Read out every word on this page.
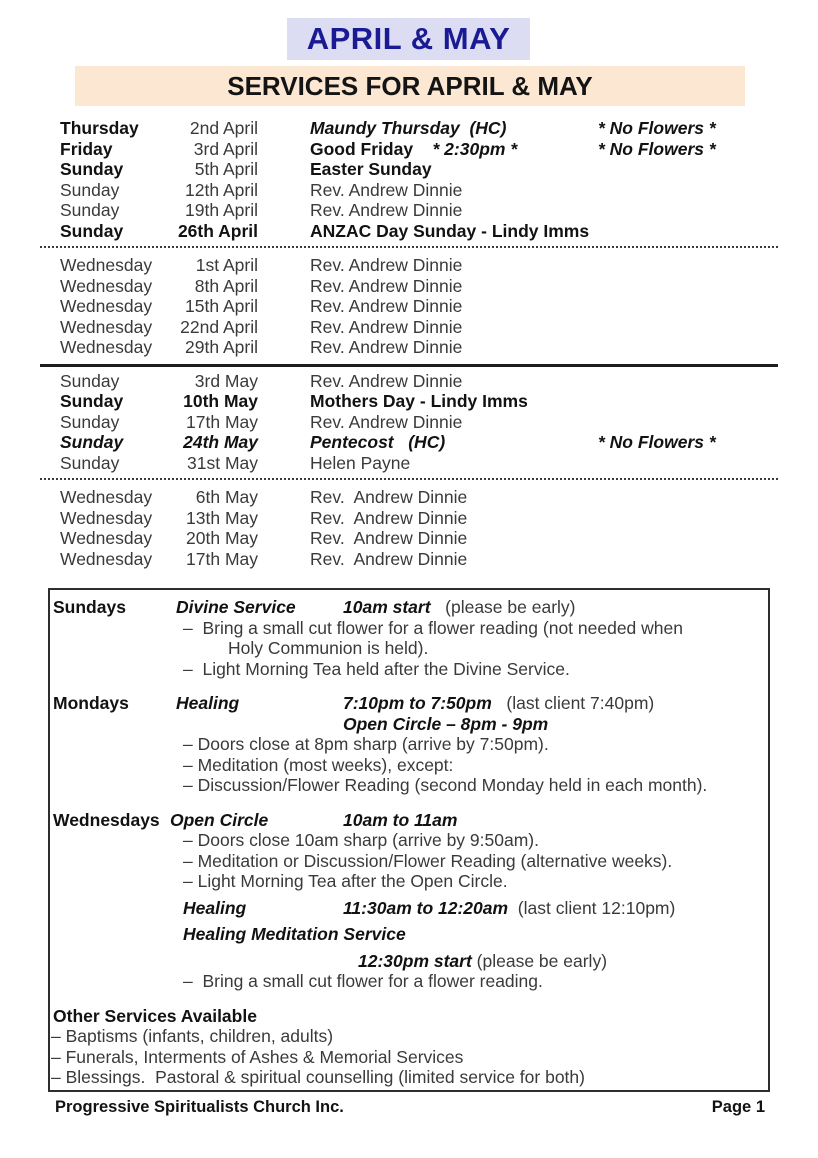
APRIL & MAY
SERVICES FOR APRIL & MAY
Thursday	2nd April	Maundy Thursday  (HC)	* No Flowers *
Friday	3rd April	Good Friday    * 2:30pm *	* No Flowers *
Sunday	5th April	Easter Sunday
Sunday	12th April	Rev. Andrew Dinnie
Sunday	19th April	Rev. Andrew Dinnie
Sunday	26th April	ANZAC Day Sunday - Lindy Imms
Wednesday	1st April	Rev. Andrew Dinnie
Wednesday	8th April	Rev. Andrew Dinnie
Wednesday	15th April	Rev. Andrew Dinnie
Wednesday	22nd April	Rev. Andrew Dinnie
Wednesday	29th April	Rev. Andrew Dinnie
Sunday	3rd May	Rev. Andrew Dinnie
Sunday	10th May	Mothers Day - Lindy Imms
Sunday	17th May	Rev. Andrew Dinnie
Sunday	24th May	Pentecost   (HC)	* No Flowers *
Sunday	31st May	Helen Payne
Wednesday	6th May	Rev.  Andrew Dinnie
Wednesday	13th May	Rev.  Andrew Dinnie
Wednesday	20th May	Rev.  Andrew Dinnie
Wednesday	17th May	Rev.  Andrew Dinnie
Sundays	Divine Service	10am start   (please be early)
–  Bring a small cut flower for a flower reading (not needed when
Holy Communion is held).
–  Light Morning Tea held after the Divine Service.
Mondays	Healing	7:10pm to 7:50pm   (last client 7:40pm)
Open Circle – 8pm - 9pm
– Doors close at 8pm sharp (arrive by 7:50pm).
– Meditation (most weeks), except:
– Discussion/Flower Reading (second Monday held in each month).
Wednesdays Open Circle	10am to 11am
– Doors close 10am sharp (arrive by 9:50am).
– Meditation or Discussion/Flower Reading (alternative weeks).
– Light Morning Tea after the Open Circle.
Healing	11:30am to 12:20am  (last client 12:10pm)
Healing Meditation Service
12:30pm start (please be early)
–  Bring a small cut flower for a flower reading.
Other Services Available
– Baptisms (infants, children, adults)
– Funerals, Interments of Ashes & Memorial Services
– Blessings.  Pastoral & spiritual counselling (limited service for both)
Progressive Spiritualists Church Inc.	Page 1
